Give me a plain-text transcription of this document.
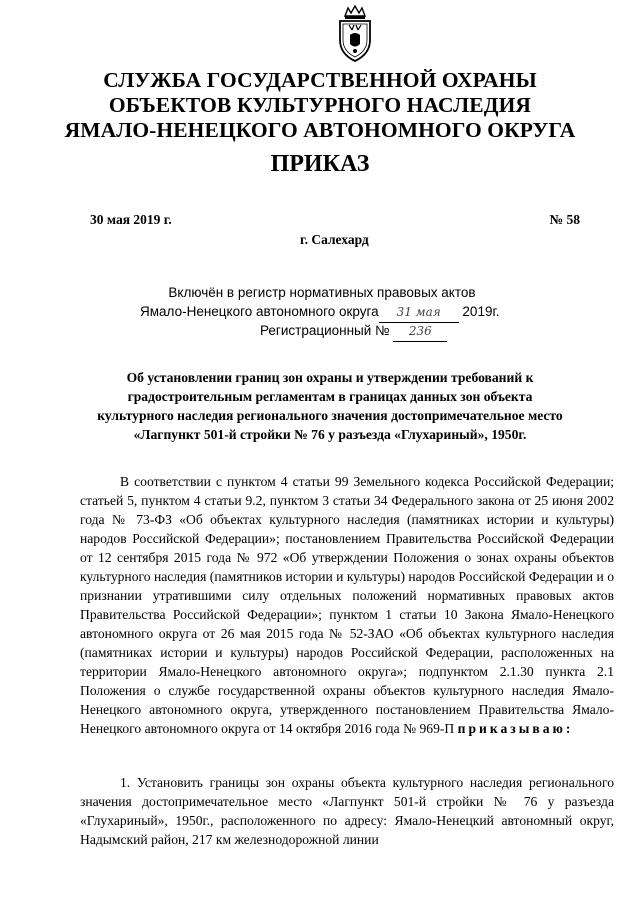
СЛУЖБА ГОСУДАРСТВЕННОЙ ОХРАНЫ
ОБЪЕКТОВ КУЛЬТУРНОГО НАСЛЕДИЯ
ЯМАЛО-НЕНЕЦКОГО АВТОНОМНОГО ОКРУГА
ПРИКАЗ
30 мая 2019 г.	№ 58
г. Салехард
Включён в регистр нормативных правовых актов
Ямало-Ненецкого автономного округа 31 мая 2019г.
Регистрационный № 236
Об установлении границ зон охраны и утверждении требований к
градостроительным регламентам в границах данных зон объекта
культурного наследия регионального значения достопримечательное место
«Лагпункт 501-й стройки № 76 у разъезда «Глухариный», 1950г.
В соответствии с пунктом 4 статьи 99 Земельного кодекса Российской Федерации; статьей 5, пунктом 4 статьи 9.2, пунктом 3 статьи 34 Федерального закона от 25 июня 2002 года № 73-ФЗ «Об объектах культурного наследия (памятниках истории и культуры) народов Российской Федерации»; постановлением Правительства Российской Федерации от 12 сентября 2015 года № 972 «Об утверждении Положения о зонах охраны объектов культурного наследия (памятников истории и культуры) народов Российской Федерации и о признании утратившими силу отдельных положений нормативных правовых актов Правительства Российской Федерации»; пунктом 1 статьи 10 Закона Ямало-Ненецкого автономного округа от 26 мая 2015 года № 52-ЗАО «Об объектах культурного наследия (памятниках истории и культуры) народов Российской Федерации, расположенных на территории Ямало-Ненецкого автономного округа»; подпунктом 2.1.30 пункта 2.1 Положения о службе государственной охраны объектов культурного наследия Ямало-Ненецкого автономного округа, утвержденного постановлением Правительства Ямало-Ненецкого автономного округа от 14 октября 2016 года № 969-П приказываю:
1. Установить границы зон охраны объекта культурного наследия регионального значения достопримечательное место «Лагпункт 501-й стройки № 76 у разъезда «Глухариный», 1950г., расположенного по адресу: Ямало-Ненецкий автономный округ, Надымский район, 217 км железнодорожной линии
